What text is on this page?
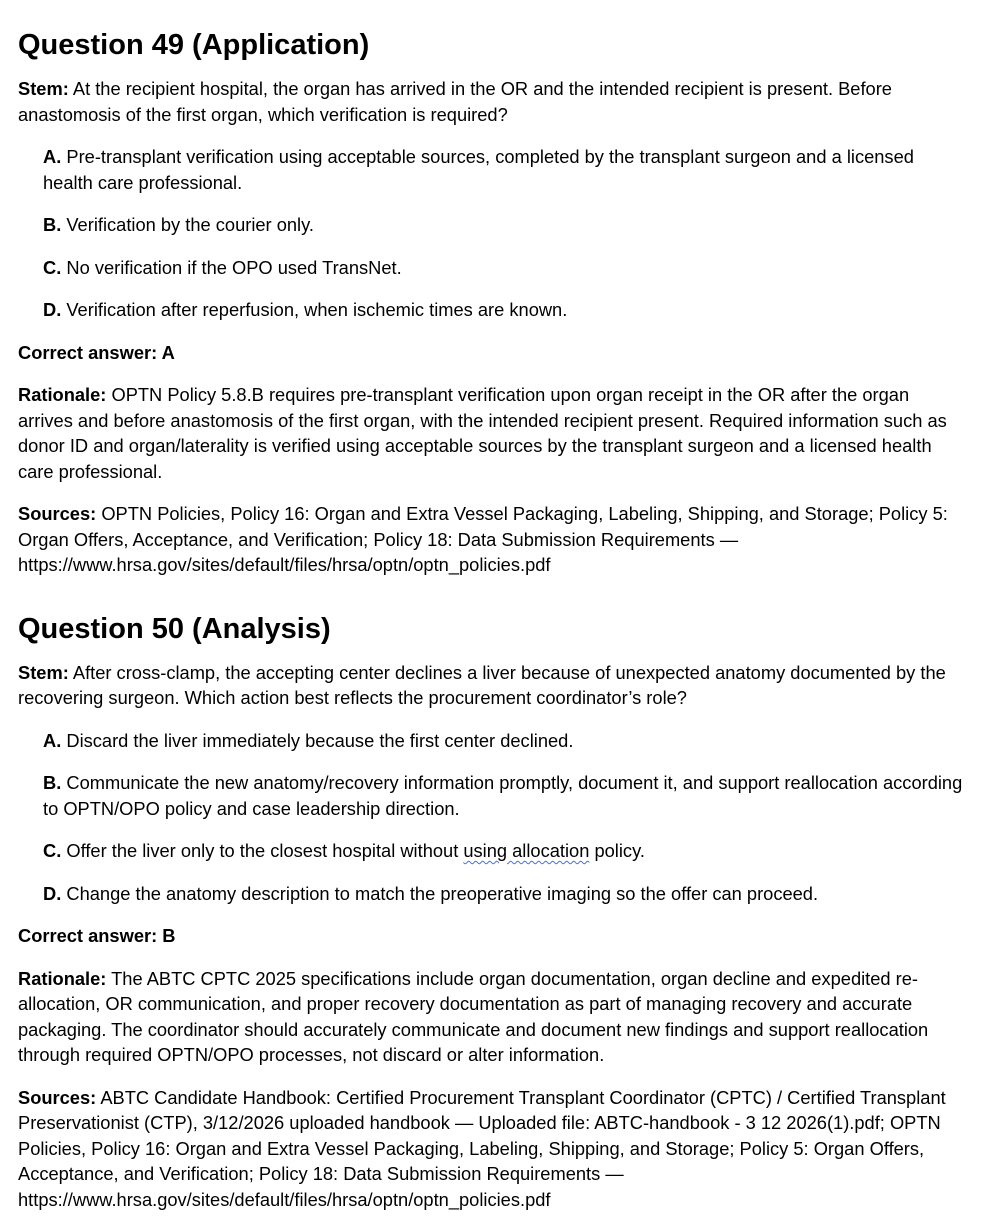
Question 49 (Application)

Stem: At the recipient hospital, the organ has arrived in the OR and the intended recipient is present. Before anastomosis of the first organ, which verification is required?

A. Pre-transplant verification using acceptable sources, completed by the transplant surgeon and a licensed health care professional.

B. Verification by the courier only.

C. No verification if the OPO used TransNet.

D. Verification after reperfusion, when ischemic times are known.

Correct answer: A

Rationale: OPTN Policy 5.8.B requires pre-transplant verification upon organ receipt in the OR after the organ arrives and before anastomosis of the first organ, with the intended recipient present. Required information such as donor ID and organ/laterality is verified using acceptable sources by the transplant surgeon and a licensed health care professional.

Sources: OPTN Policies, Policy 16: Organ and Extra Vessel Packaging, Labeling, Shipping, and Storage; Policy 5: Organ Offers, Acceptance, and Verification; Policy 18: Data Submission Requirements — https://www.hrsa.gov/sites/default/files/hrsa/optn/optn_policies.pdf

Question 50 (Analysis)

Stem: After cross-clamp, the accepting center declines a liver because of unexpected anatomy documented by the recovering surgeon. Which action best reflects the procurement coordinator’s role?

A. Discard the liver immediately because the first center declined.

B. Communicate the new anatomy/recovery information promptly, document it, and support reallocation according to OPTN/OPO policy and case leadership direction.

C. Offer the liver only to the closest hospital without using allocation policy.

D. Change the anatomy description to match the preoperative imaging so the offer can proceed.

Correct answer: B

Rationale: The ABTC CPTC 2025 specifications include organ documentation, organ decline and expedited re-allocation, OR communication, and proper recovery documentation as part of managing recovery and accurate packaging. The coordinator should accurately communicate and document new findings and support reallocation through required OPTN/OPO processes, not discard or alter information.

Sources: ABTC Candidate Handbook: Certified Procurement Transplant Coordinator (CPTC) / Certified Transplant Preservationist (CTP), 3/12/2026 uploaded handbook — Uploaded file: ABTC-handbook - 3 12 2026(1).pdf; OPTN Policies, Policy 16: Organ and Extra Vessel Packaging, Labeling, Shipping, and Storage; Policy 5: Organ Offers, Acceptance, and Verification; Policy 18: Data Submission Requirements — https://www.hrsa.gov/sites/default/files/hrsa/optn/optn_policies.pdf
